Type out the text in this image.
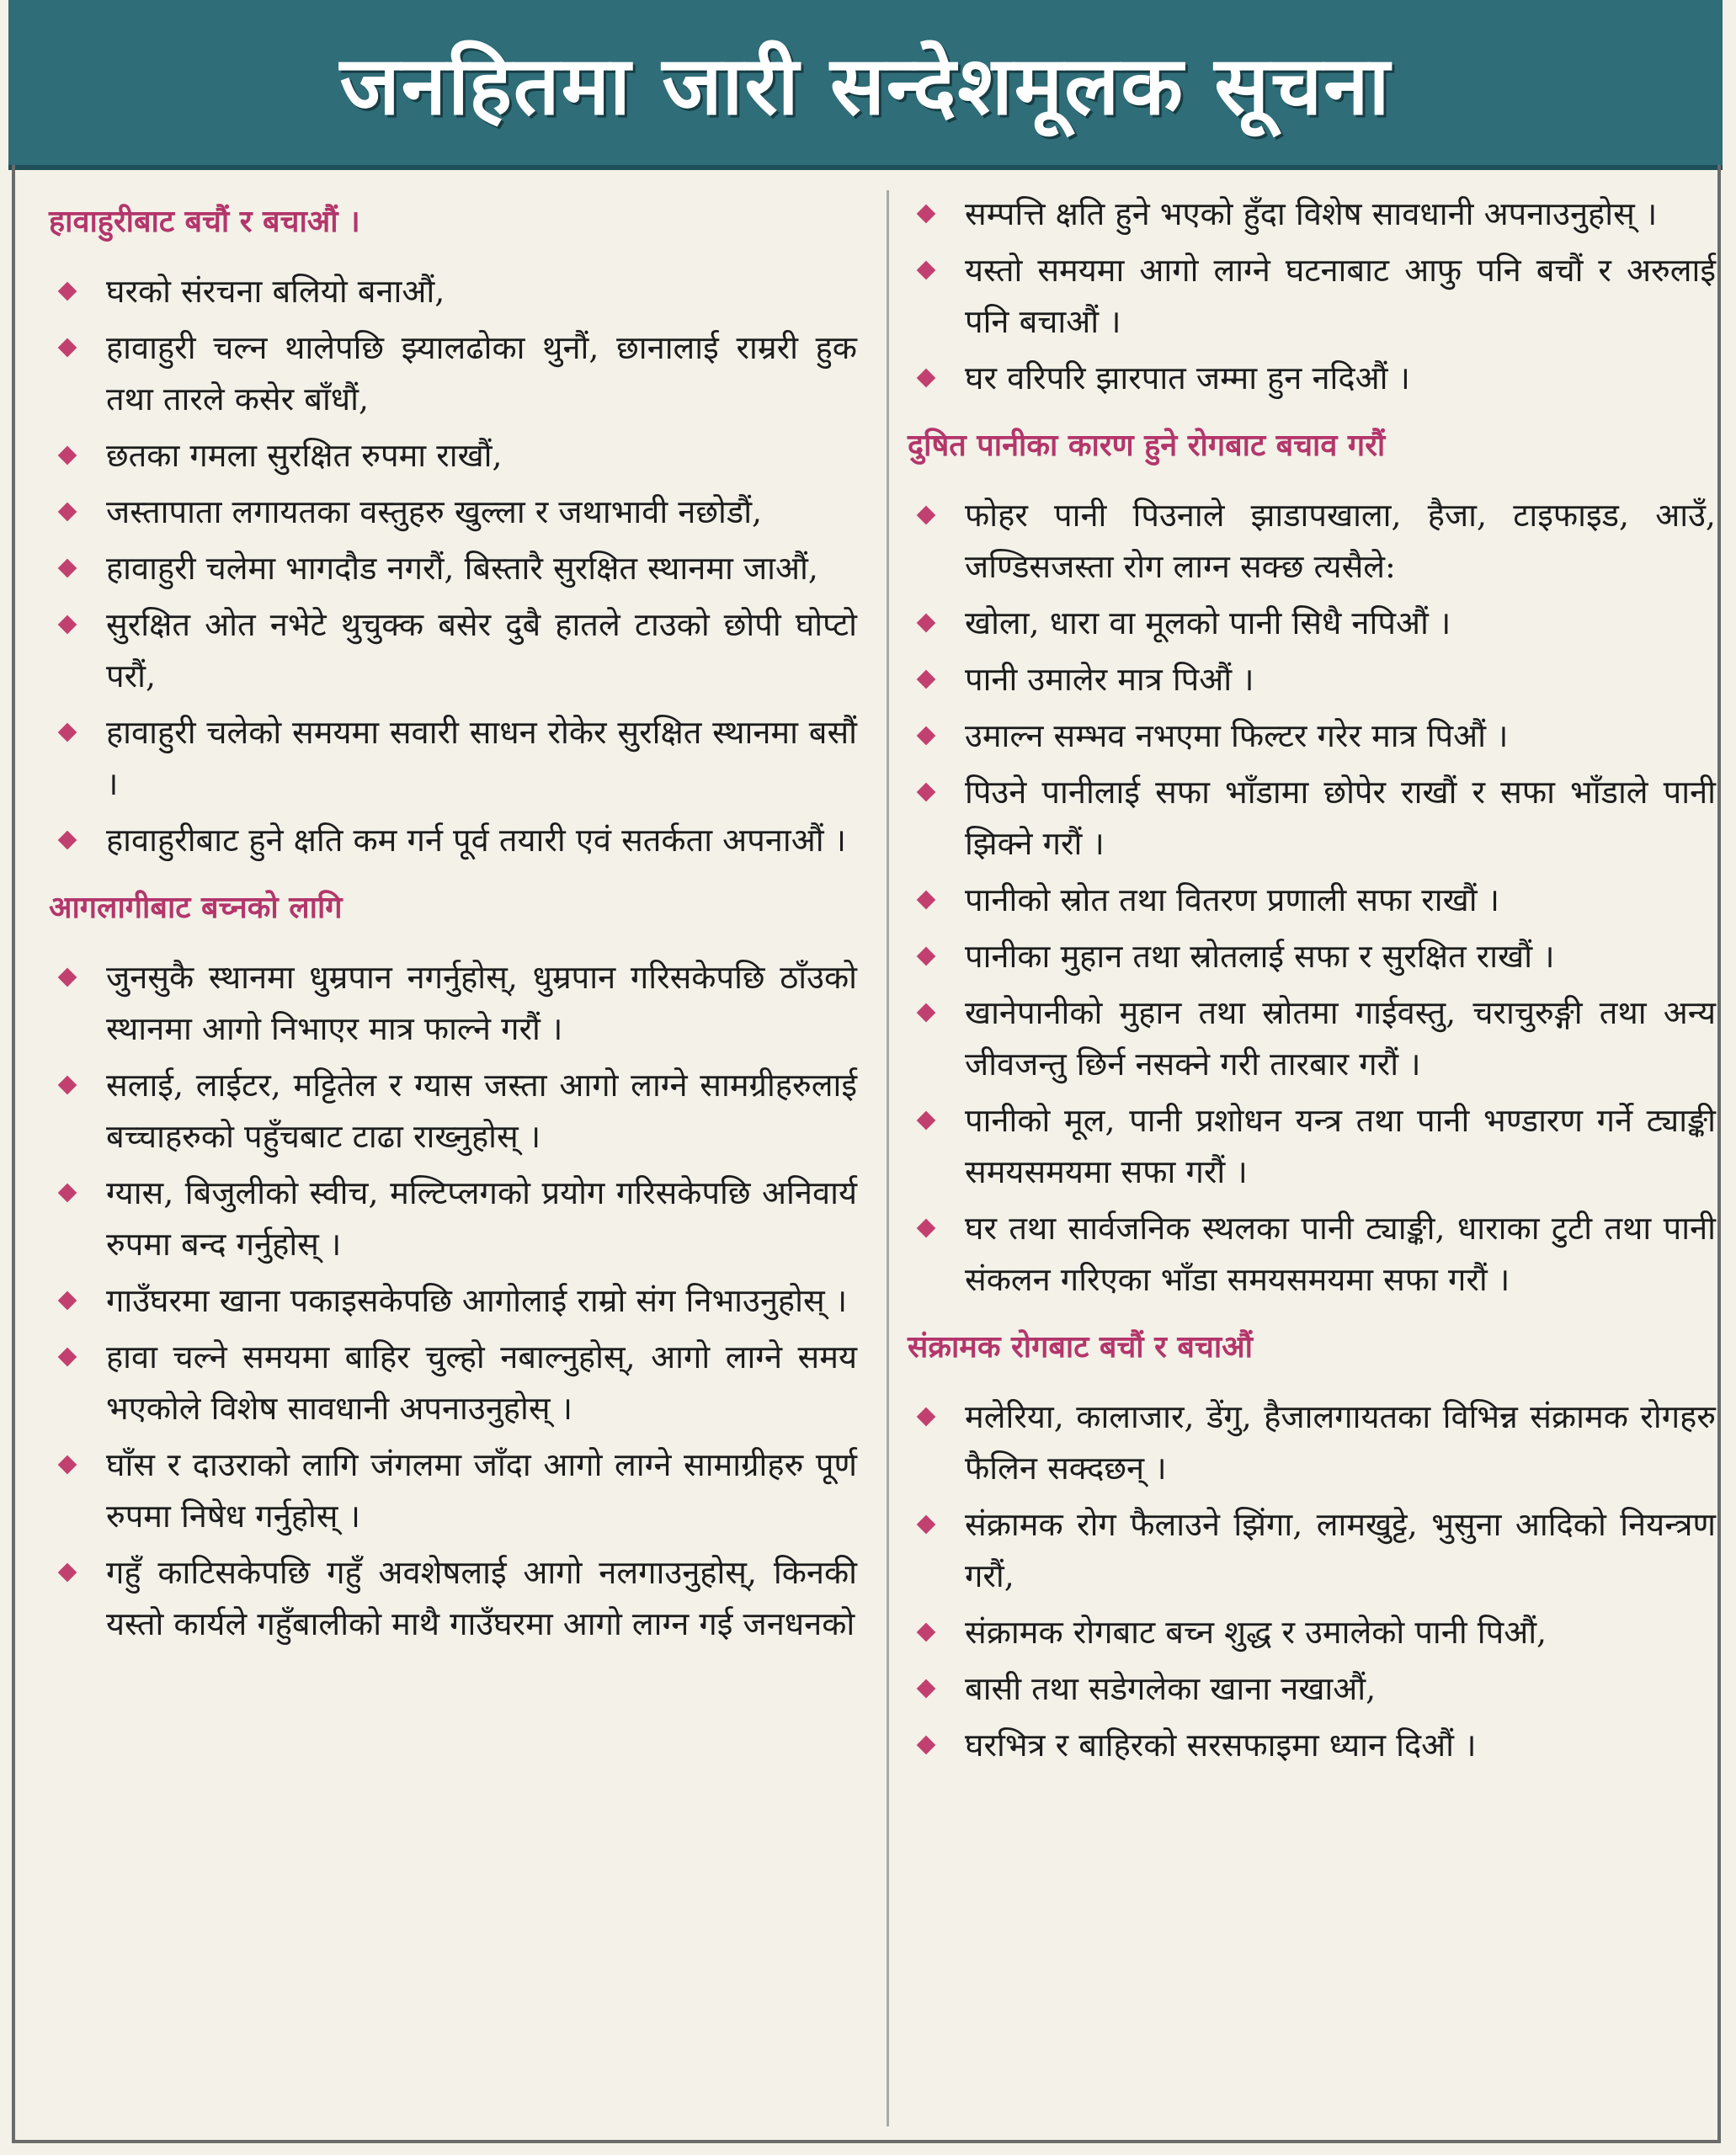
जनहितमा जारी सन्देशमूलक सूचना
हावाहुरीबाट बचौं र बचाऔं ।
घरको संरचना बलियो बनाऔं,
हावाहुरी चल्न थालेपछि झ्यालढोका थुनौं, छानालाई राम्ररी हुक तथा तारले कसेर बाँधौं,
छतका गमला सुरक्षित रुपमा राखौं,
जस्तापाता लगायतका वस्तुहरु खुल्ला र जथाभावी नछोडौं,
हावाहुरी चलेमा भागदौड नगरौं, बिस्तारै सुरक्षित स्थानमा जाऔं,
सुरक्षित ओत नभेटे थुचुक्क बसेर दुबै हातले टाउको छोपी घोप्टो परौं,
हावाहुरी चलेको समयमा सवारी साधन रोकेर सुरक्षित स्थानमा बसौं ।
हावाहुरीबाट हुने क्षति कम गर्न पूर्व तयारी एवं सतर्कता अपनाऔं ।
आगलागीबाट बच्नको लागि
जुनसुकै स्थानमा धुम्रपान नगर्नुहोस्, धुम्रपान गरिसकेपछि ठाँउको स्थानमा आगो निभाएर मात्र फाल्ने गरौं ।
सलाई, लाईटर, मट्टितेल र ग्यास जस्ता आगो लाग्ने सामग्रीहरुलाई बच्चाहरुको पहुँचबाट टाढा राख्नुहोस् ।
ग्यास, बिजुलीको स्वीच, मल्टिप्लगको प्रयोग गरिसकेपछि अनिवार्य रुपमा बन्द गर्नुहोस् ।
गाउँघरमा खाना पकाइसकेपछि आगोलाई राम्रो संग निभाउनुहोस् ।
हावा चल्ने समयमा बाहिर चुल्हो नबाल्नुहोस्, आगो लाग्ने समय भएकोले विशेष सावधानी अपनाउनुहोस् ।
घाँस र दाउराको लागि जंगलमा जाँदा आगो लाग्ने सामाग्रीहरु पूर्ण रुपमा निषेध गर्नुहोस् ।
गहुँ काटिसकेपछि गहुँ अवशेषलाई आगो नलगाउनुहोस्, किनकी यस्तो कार्यले गहुँबालीको माथै गाउँघरमा आगो लाग्न गई जनधनको
सम्पत्ति क्षति हुने भएको हुँदा विशेष सावधानी अपनाउनुहोस् ।
यस्तो समयमा आगो लाग्ने घटनाबाट आफु पनि बचौं र अरुलाई पनि बचाऔं ।
घर वरिपरि झारपात जम्मा हुन नदिऔं ।
दुषित पानीका कारण हुने रोगबाट बचाव गरौं
फोहर पानी पिउनाले झाडापखाला, हैजा, टाइफाइड, आउँ, जण्डिसजस्ता रोग लाग्न सक्छ त्यसैले:
खोला, धारा वा मूलको पानी सिधै नपिऔं ।
पानी उमालेर मात्र पिऔं ।
उमाल्न सम्भव नभएमा फिल्टर गरेर मात्र पिऔं ।
पिउने पानीलाई सफा भाँडामा छोपेर राखौं र सफा भाँडाले पानी झिक्ने गरौं ।
पानीको स्रोत तथा वितरण प्रणाली सफा राखौं ।
पानीका मुहान तथा स्रोतलाई सफा र सुरक्षित राखौं ।
खानेपानीको मुहान तथा स्रोतमा गाईवस्तु, चराचुरुङ्गी तथा अन्य जीवजन्तु छिर्न नसक्ने गरी तारबार गरौं ।
पानीको मूल, पानी प्रशोधन यन्त्र तथा पानी भण्डारण गर्ने ट्याङ्की समयसमयमा सफा गरौं ।
घर तथा सार्वजनिक स्थलका पानी ट्याङ्की, धाराका टुटी तथा पानी संकलन गरिएका भाँडा समयसमयमा सफा गरौं ।
संक्रामक रोगबाट बचौं र बचाऔं
मलेरिया, कालाजार, डेंगु, हैजालगायतका विभिन्न संक्रामक रोगहरु फैलिन सक्दछन् ।
संक्रामक रोग फैलाउने झिंगा, लामखुट्टे, भुसुना आदिको नियन्त्रण गरौं,
संक्रामक रोगबाट बच्न शुद्ध र उमालेको पानी पिऔं,
बासी तथा सडेगलेका खाना नखाऔं,
घरभित्र र बाहिरको सरसफाइमा ध्यान दिऔं ।
